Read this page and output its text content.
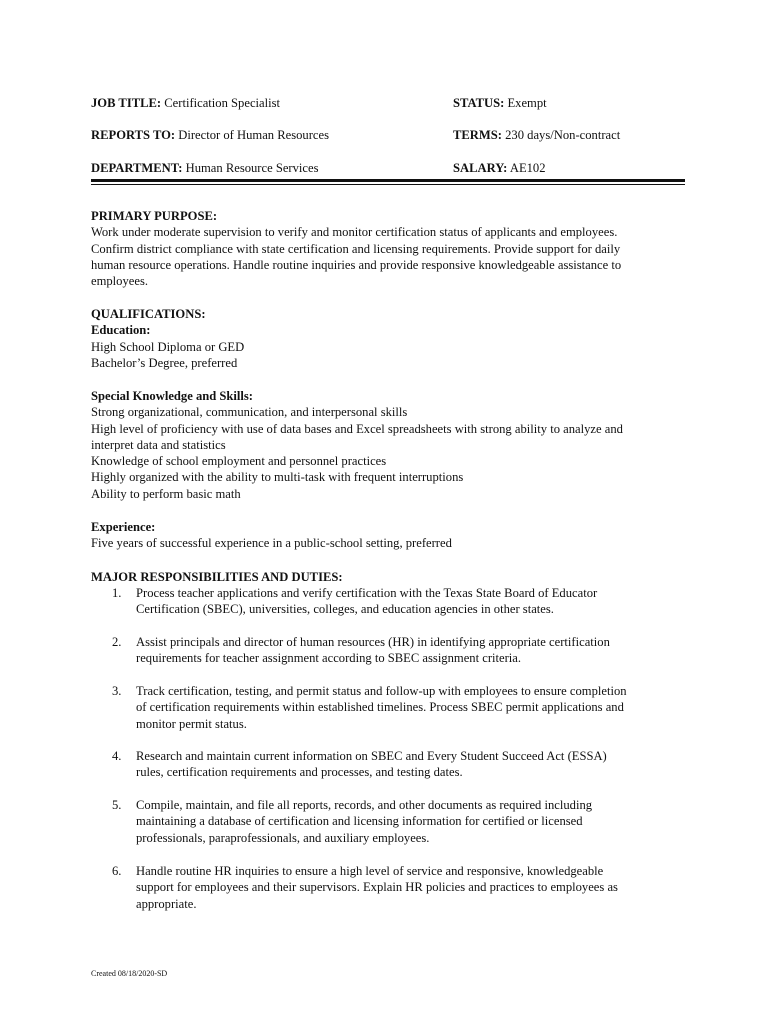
JOB TITLE: Certification Specialist	STATUS: Exempt
REPORTS TO: Director of Human Resources	TERMS: 230 days/Non-contract
DEPARTMENT: Human Resource Services	SALARY: AE102
PRIMARY PURPOSE:
Work under moderate supervision to verify and monitor certification status of applicants and employees.
Confirm district compliance with state certification and licensing requirements. Provide support for daily
human resource operations. Handle routine inquiries and provide responsive knowledgeable assistance to
employees.
QUALIFICATIONS:
Education:
High School Diploma or GED
Bachelor’s Degree, preferred
Special Knowledge and Skills:
Strong organizational, communication, and interpersonal skills
High level of proficiency with use of data bases and Excel spreadsheets with strong ability to analyze and
interpret data and statistics
Knowledge of school employment and personnel practices
Highly organized with the ability to multi-task with frequent interruptions
Ability to perform basic math
Experience:
Five years of successful experience in a public-school setting, preferred
MAJOR RESPONSIBILITIES AND DUTIES:
1.	Process teacher applications and verify certification with the Texas State Board of Educator
Certification (SBEC), universities, colleges, and education agencies in other states.
2.	Assist principals and director of human resources (HR) in identifying appropriate certification
requirements for teacher assignment according to SBEC assignment criteria.
3.	Track certification, testing, and permit status and follow-up with employees to ensure completion
of certification requirements within established timelines. Process SBEC permit applications and
monitor permit status.
4.	Research and maintain current information on SBEC and Every Student Succeed Act (ESSA)
rules, certification requirements and processes, and testing dates.
5.	Compile, maintain, and file all reports, records, and other documents as required including
maintaining a database of certification and licensing information for certified or licensed
professionals, paraprofessionals, and auxiliary employees.
6.	Handle routine HR inquiries to ensure a high level of service and responsive, knowledgeable
support for employees and their supervisors. Explain HR policies and practices to employees as
appropriate.
Created 08/18/2020-SD
